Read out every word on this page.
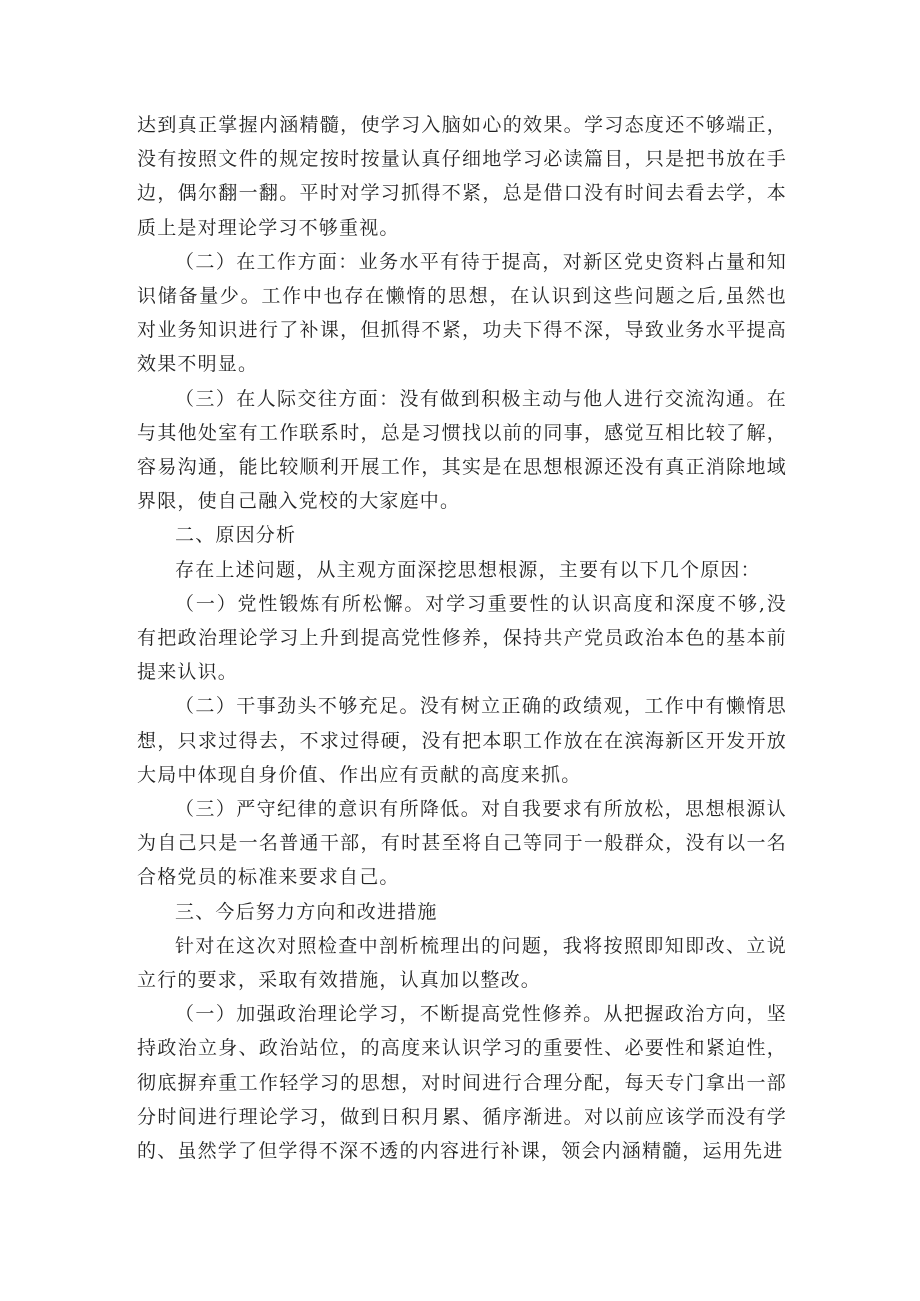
达到真正掌握内涵精髓，使学习入脑如心的效果。学习态度还不够端正，没有按照文件的规定按时按量认真仔细地学习必读篇目，只是把书放在手边，偶尔翻一翻。平时对学习抓得不紧，总是借口没有时间去看去学，本质上是对理论学习不够重视。

（二）在工作方面：业务水平有待于提高，对新区党史资料占量和知识储备量少。工作中也存在懒惰的思想，在认识到这些问题之后,虽然也对业务知识进行了补课，但抓得不紧，功夫下得不深，导致业务水平提高效果不明显。

（三）在人际交往方面：没有做到积极主动与他人进行交流沟通。在与其他处室有工作联系时，总是习惯找以前的同事，感觉互相比较了解，容易沟通，能比较顺利开展工作，其实是在思想根源还没有真正消除地域界限，使自己融入党校的大家庭中。

二、原因分析

存在上述问题，从主观方面深挖思想根源，主要有以下几个原因：

（一）党性锻炼有所松懈。对学习重要性的认识高度和深度不够,没有把政治理论学习上升到提高党性修养，保持共产党员政治本色的基本前提来认识。

（二）干事劲头不够充足。没有树立正确的政绩观，工作中有懒惰思想，只求过得去，不求过得硬，没有把本职工作放在在滨海新区开发开放大局中体现自身价值、作出应有贡献的高度来抓。

（三）严守纪律的意识有所降低。对自我要求有所放松，思想根源认为自己只是一名普通干部，有时甚至将自己等同于一般群众，没有以一名合格党员的标准来要求自己。

三、今后努力方向和改进措施

针对在这次对照检查中剖析梳理出的问题，我将按照即知即改、立说立行的要求，采取有效措施，认真加以整改。

（一）加强政治理论学习，不断提高党性修养。从把握政治方向，坚持政治立身、政治站位，的高度来认识学习的重要性、必要性和紧迫性，彻底摒弃重工作轻学习的思想，对时间进行合理分配，每天专门拿出一部分时间进行理论学习，做到日积月累、循序渐进。对以前应该学而没有学的、虽然学了但学得不深不透的内容进行补课，领会内涵精髓，运用先进
